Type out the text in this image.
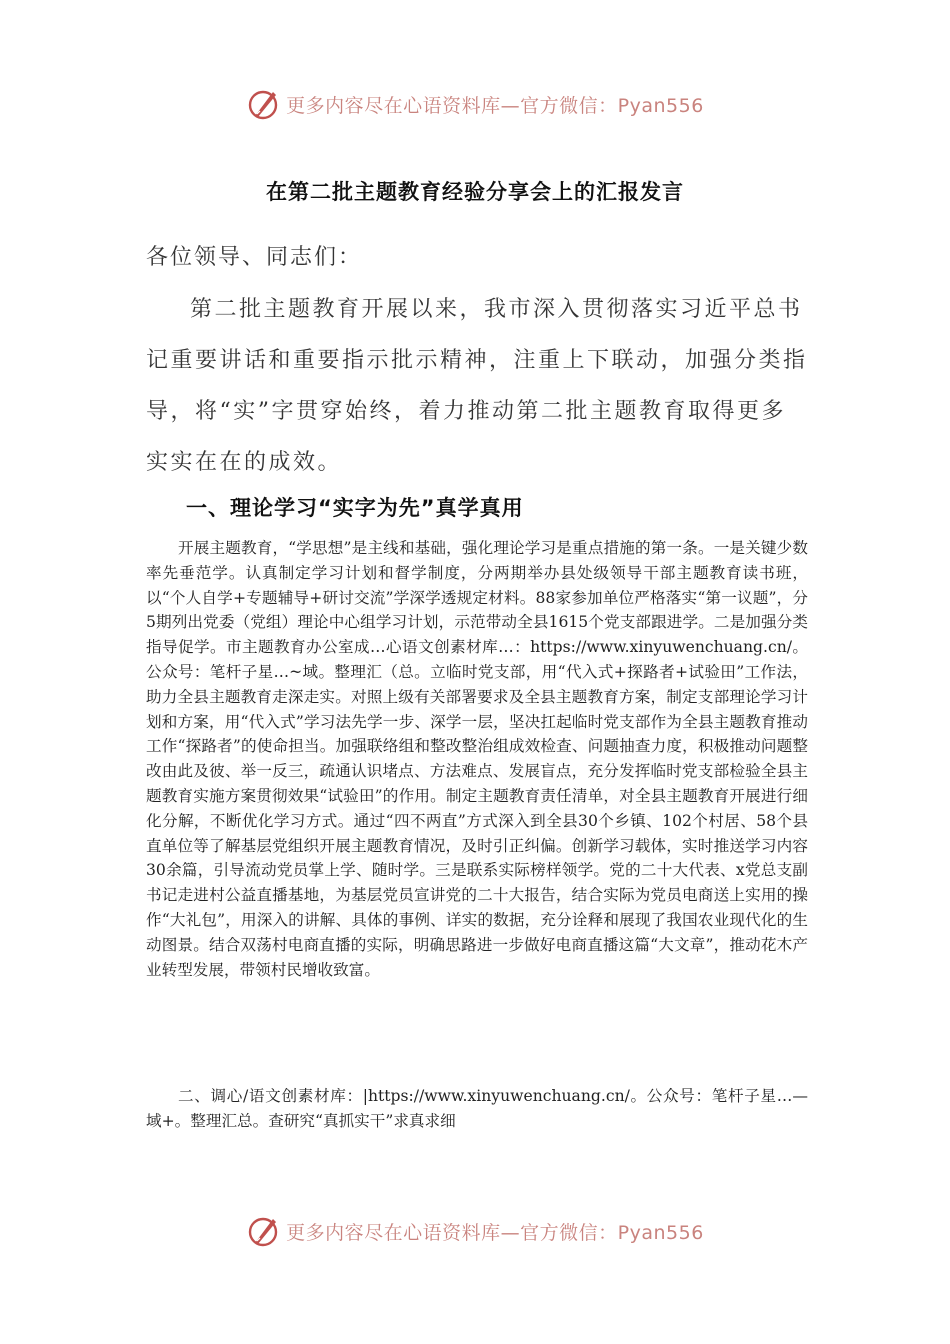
更多内容尽在心语资料库—官方微信：Pyan556
在第二批主题教育经验分享会上的汇报发言
各位领导、同志们：

第二批主题教育开展以来，我市深入贯彻落实习近平总书记重要讲话和重要指示批示精神，注重上下联动，加强分类指导，将“实”字贯穿始终，着力推动第二批主题教育取得更多实实在在的成效。

一、理论学习“实字为先”真学真用

开展主题教育，“学思想”是主线和基础，强化理论学习是重点措施的第一条。一是关键少数率先垂范学。认真制定学习计划和督学制度，分两期举办县处级领导干部主题教育读书班，以“个人自学+专题辅导+研讨交流”学深学透规定材料。88家参加单位严格落实“第一议题”，分5期列出党委（党组）理论中心组学习计划，示范带动全县1615个党支部跟进学。二是加强分类指导促学。市主题教育办公室成…心语文创素材库…：https://www.xinyuwenchuang.cn/。公众号：笔杆子星…~域。整理汇（总。立临时党支部，用“代入式+探路者+试验田”工作法，助力全县主题教育走深走实。对照上级有关部署要求及全县主题教育方案，制定支部理论学习计划和方案，用“代入式”学习法先学一步、深学一层，坚决扛起临时党支部作为全县主题教育推动工作“探路者”的使命担当。加强联络组和整改整治组成效检查、问题抽查力度，积极推动问题整改由此及彼、举一反三，疏通认识堵点、方法难点、发展盲点，充分发挥临时党支部检验全县主题教育实施方案贯彻效果“试验田”的作用。制定主题教育责任清单，对全县主题教育开展进行细化分解，不断优化学习方式。通过“四不两直”方式深入到全县30个乡镇、102个村居、58个县直单位等了解基层党组织开展主题教育情况，及时引正纠偏。创新学习载体，实时推送学习内容30余篇，引导流动党员掌上学、随时学。三是联系实际榜样领学。党的二十大代表、x党总支副书记走进村公益直播基地，为基层党员宣讲党的二十大报告，结合实际为党员电商送上实用的操作“大礼包”，用深入的讲解、具体的事例、详实的数据，充分诠释和展现了我国农业现代化的生动图景。结合双荡村电商直播的实际，明确思路进一步做好电商直播这篇“大文章”，推动花木产业转型发展，带领村民增收致富。

二、调心/语文创素材库：|https://www.xinyuwenchuang.cn/。公众号：笔杆子星…—域+。整理汇总。查研究“真抓实干”求真求细

更多内容尽在心语资料库—官方微信：Pyan556
